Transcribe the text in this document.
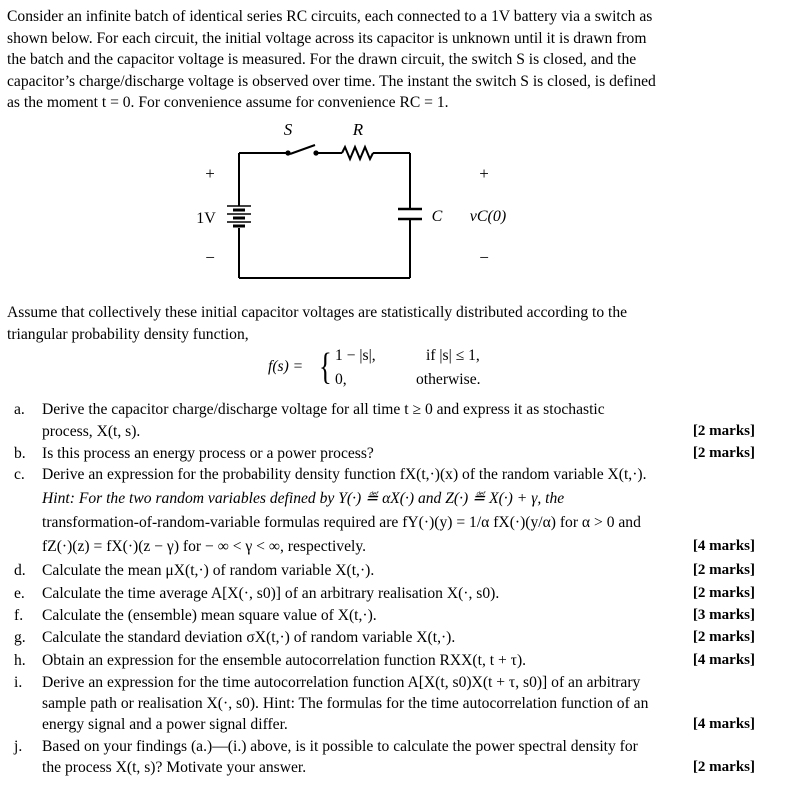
Consider an infinite batch of identical series RC circuits, each connected to a 1V battery via a switch as
shown below. For each circuit, the initial voltage across its capacitor is unknown until it is drawn from
the batch and the capacitor voltage is measured. For the drawn circuit, the switch S is closed, and the
capacitor’s charge/discharge voltage is observed over time. The instant the switch S is closed, is defined
as the moment t = 0. For convenience assume for convenience RC = 1.
S	R
+
1V
−
+
C vC(0)
−
Assume that collectively these initial capacitor voltages are statistically distributed according to the
triangular probability density function,
f(s) = { 1 − |s|,	if |s| ≤ 1,
0,	otherwise.
a. Derive the capacitor charge/discharge voltage for all time t ≥ 0 and express it as stochastic
process, X(t, s).	[2 marks]
b. Is this process an energy process or a power process?	[2 marks]
c. Derive an expression for the probability density function fX(t,·)(x) of the random variable X(t,·).
Hint: For the two random variables defined by Y(·) ≝ αX(·) and Z(·) ≝ X(·) + γ, the
transformation-of-random-variable formulas required are fY(·)(y) = 1/α fX(·)(y/α) for α > 0 and
fZ(·)(z) = fX(·)(z − γ) for − ∞ < γ < ∞, respectively.	[4 marks]
d. Calculate the mean μX(t,·) of random variable X(t,·).	[2 marks]
e. Calculate the time average A[X(·, s0)] of an arbitrary realisation X(·, s0).	[2 marks]
f. Calculate the (ensemble) mean square value of X(t,·).	[3 marks]
g. Calculate the standard deviation σX(t,·) of random variable X(t,·).	[2 marks]
h. Obtain an expression for the ensemble autocorrelation function RXX(t, t + τ).	[4 marks]
i. Derive an expression for the time autocorrelation function A[X(t, s0)X(t + τ, s0)] of an arbitrary
sample path or realisation X(·, s0). Hint: The formulas for the time autocorrelation function of an
energy signal and a power signal differ.	[4 marks]
j. Based on your findings (a.)—(i.) above, is it possible to calculate the power spectral density for
the process X(t, s)? Motivate your answer.	[2 marks]
